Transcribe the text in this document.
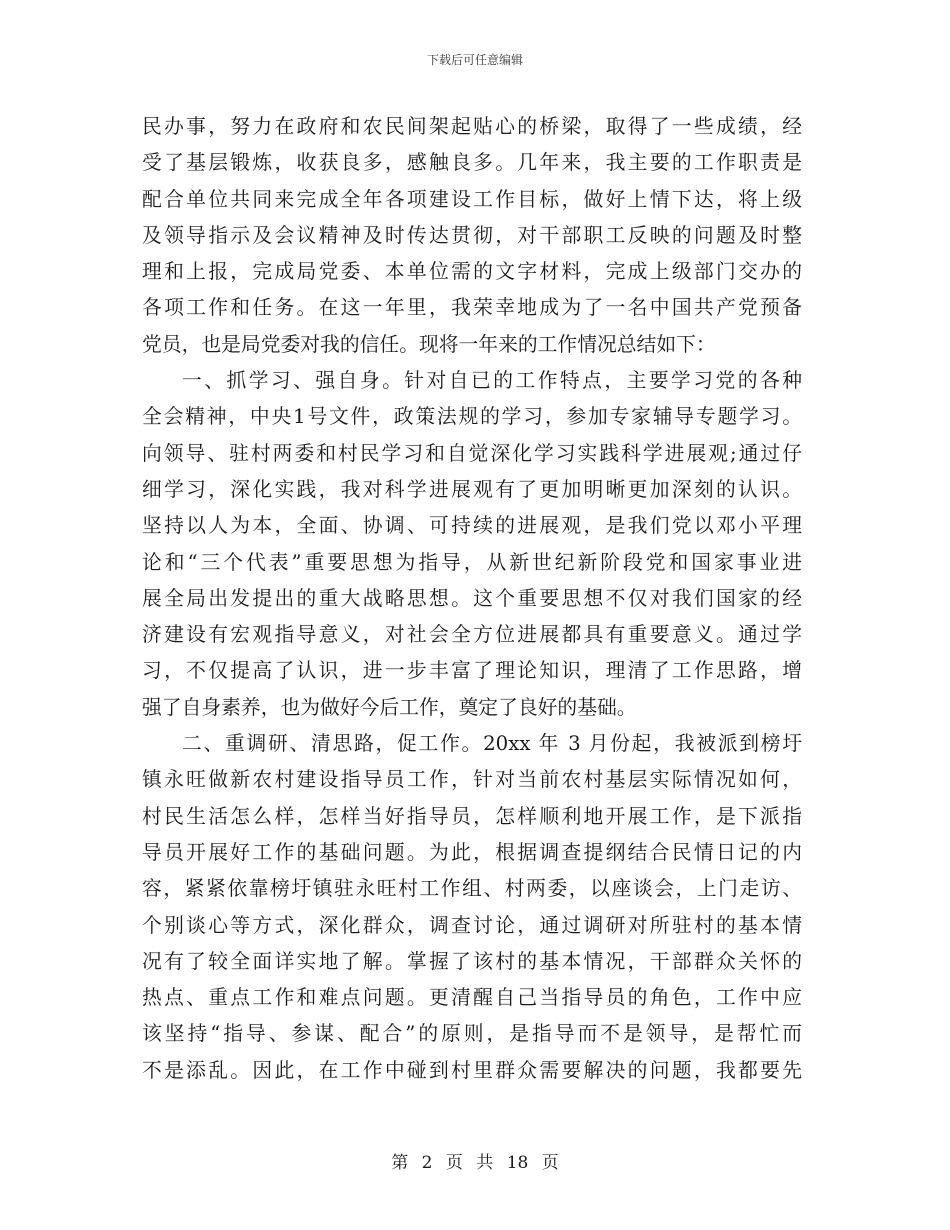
下载后可任意编辑
民办事，努力在政府和农民间架起贴心的桥梁，取得了一些成绩，经
受了基层锻炼，收获良多，感触良多。几年来，我主要的工作职责是
配合单位共同来完成全年各项建设工作目标，做好上情下达，将上级
及领导指示及会议精神及时传达贯彻，对干部职工反映的问题及时整
理和上报，完成局党委、本单位需的文字材料，完成上级部门交办的
各项工作和任务。在这一年里，我荣幸地成为了一名中国共产党预备
党员，也是局党委对我的信任。现将一年来的工作情况总结如下：
一、抓学习、强自身。针对自已的工作特点，主要学习党的各种
全会精神，中央1号文件，政策法规的学习，参加专家辅导专题学习。
向领导、驻村两委和村民学习和自觉深化学习实践科学进展观;通过仔
细学习，深化实践，我对科学进展观有了更加明晰更加深刻的认识。
坚持以人为本，全面、协调、可持续的进展观，是我们党以邓小平理
论和“三个代表”重要思想为指导，从新世纪新阶段党和国家事业进
展全局出发提出的重大战略思想。这个重要思想不仅对我们国家的经
济建设有宏观指导意义，对社会全方位进展都具有重要意义。通过学
习，不仅提高了认识，进一步丰富了理论知识，理清了工作思路，增
强了自身素养，也为做好今后工作，奠定了良好的基础。
二、重调研、清思路，促工作。20xx 年 3 月份起，我被派到榜圩
镇永旺做新农村建设指导员工作，针对当前农村基层实际情况如何，
村民生活怎么样，怎样当好指导员，怎样顺利地开展工作，是下派指
导员开展好工作的基础问题。为此，根据调查提纲结合民情日记的内
容，紧紧依靠榜圩镇驻永旺村工作组、村两委，以座谈会，上门走访、
个别谈心等方式，深化群众，调查讨论，通过调研对所驻村的基本情
况有了较全面详实地了解。掌握了该村的基本情况，干部群众关怀的
热点、重点工作和难点问题。更清醒自己当指导员的角色，工作中应
该坚持“指导、参谋、配合”的原则，是指导而不是领导，是帮忙而
不是添乱。因此，在工作中碰到村里群众需要解决的问题，我都要先
第 2 页 共 18 页
